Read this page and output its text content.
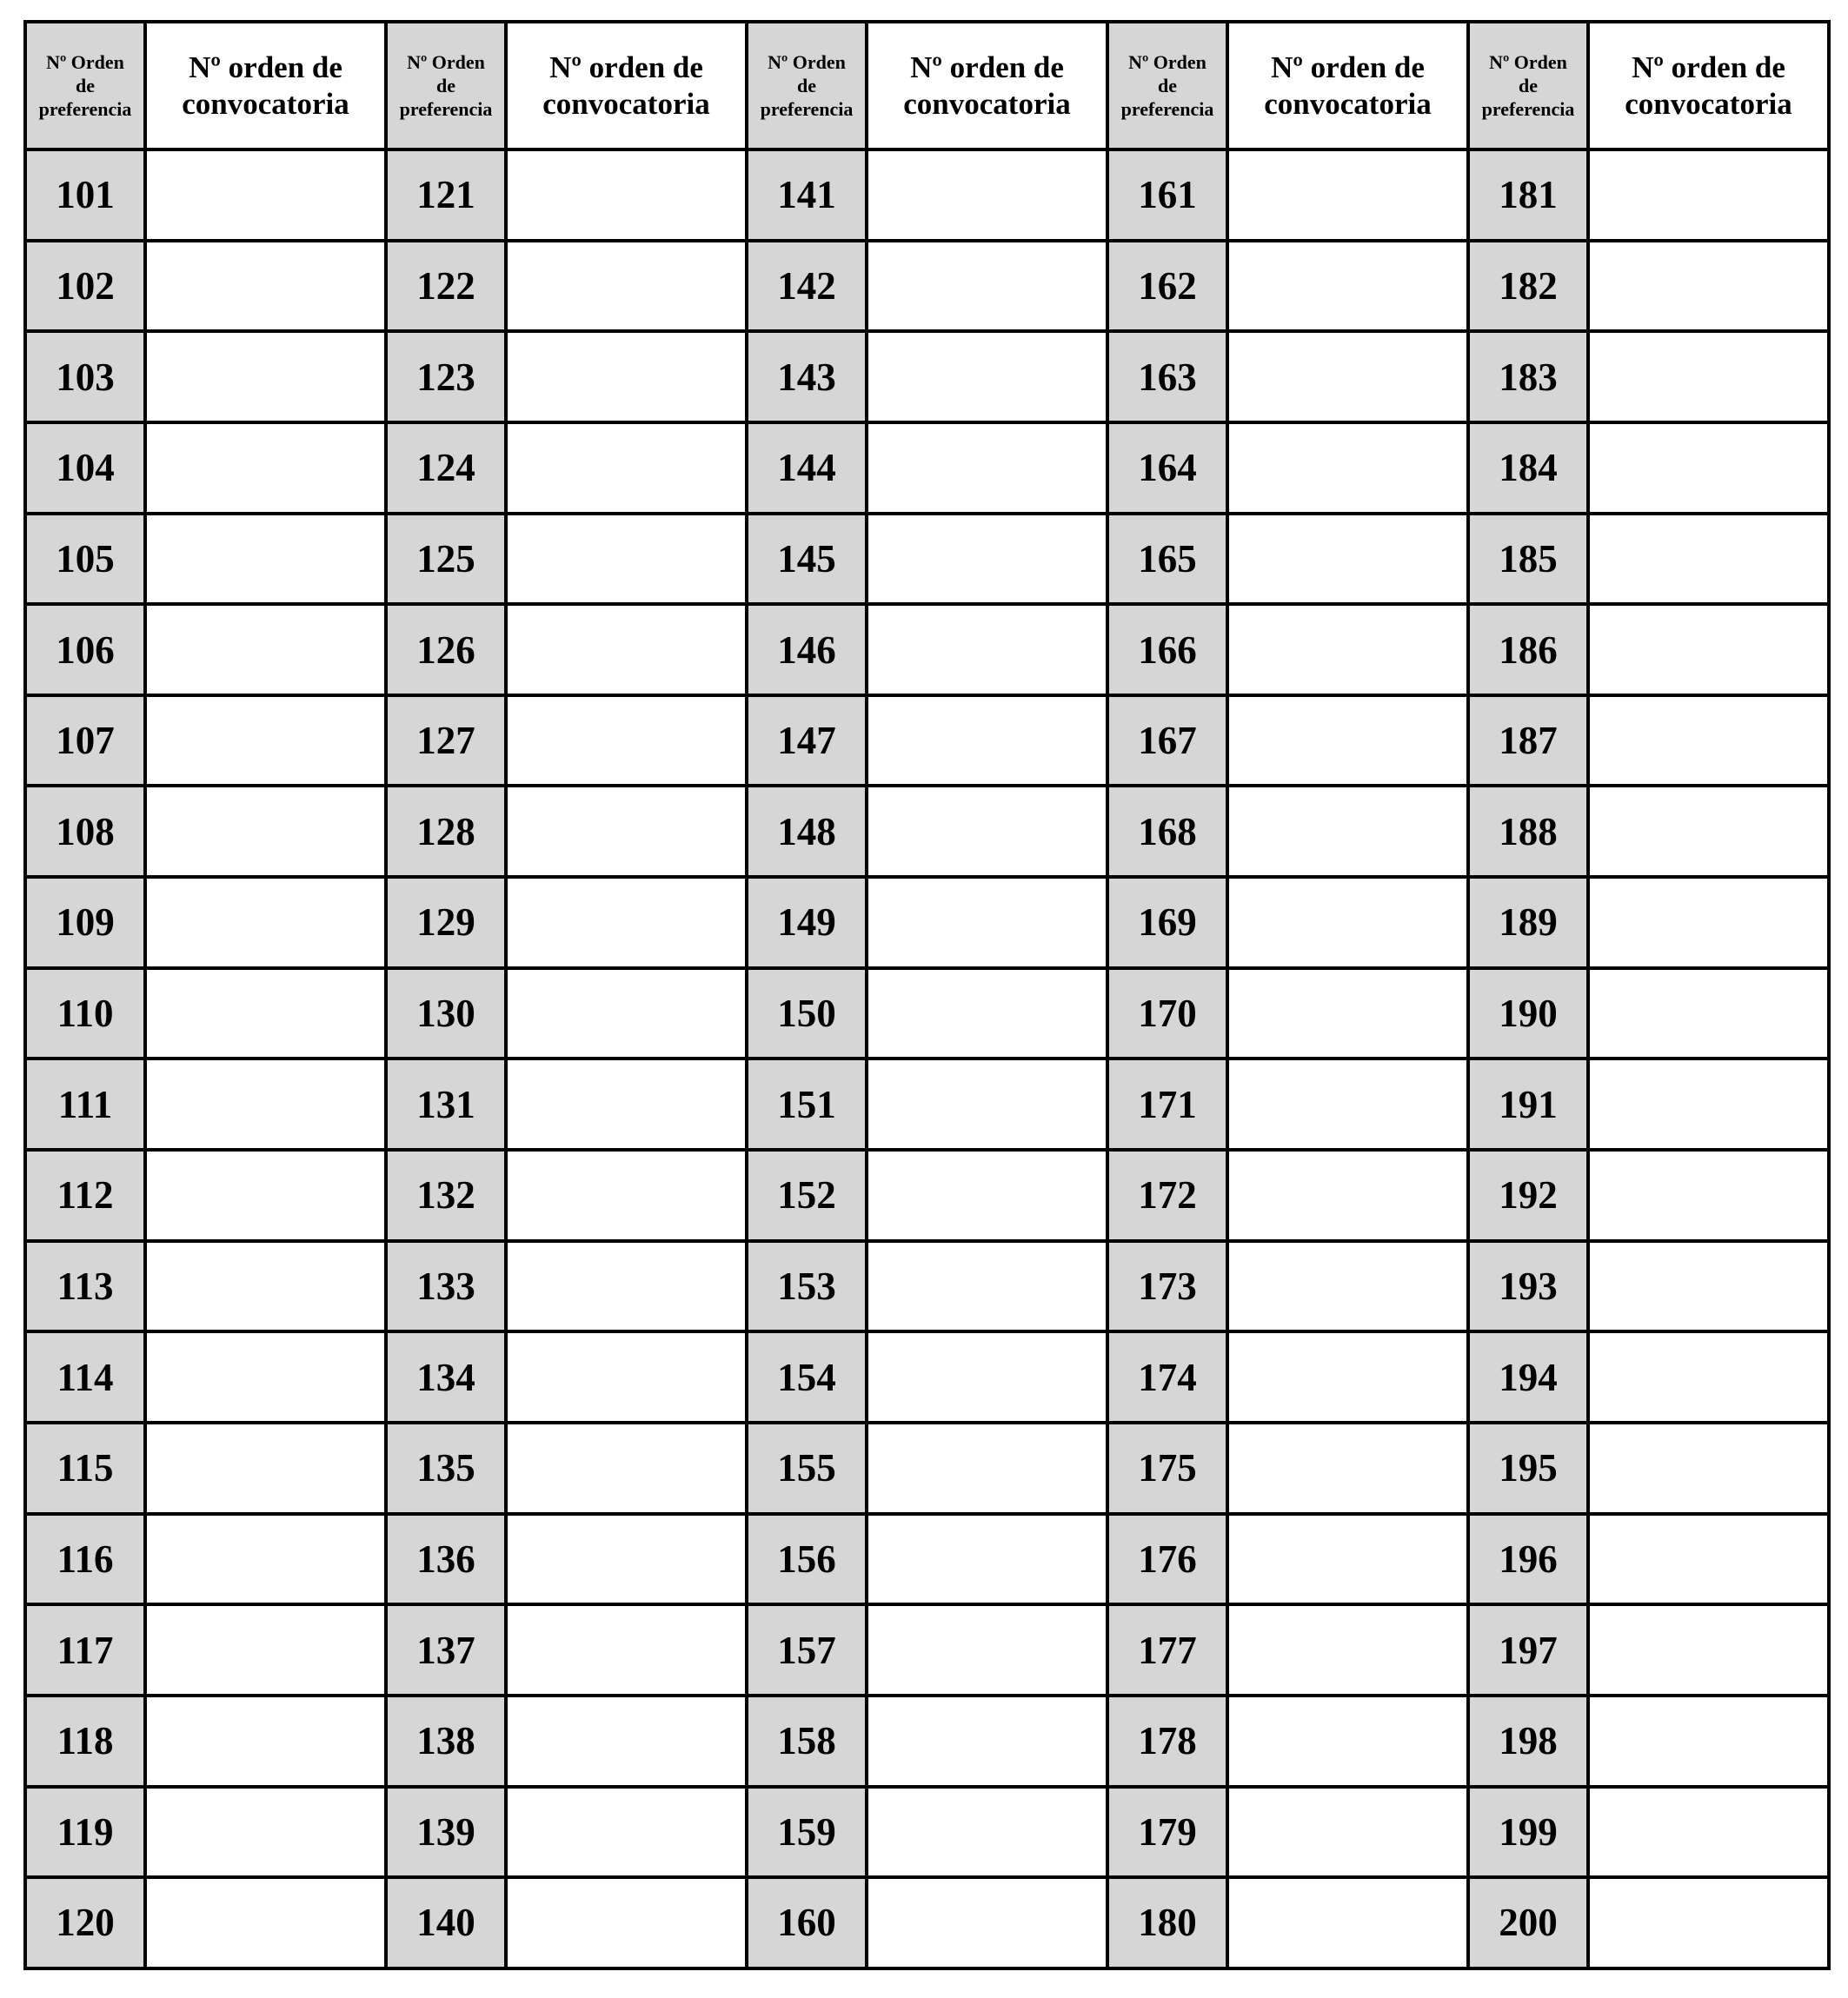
Nº Orden
de
preferencia	Nº orden de
convocatoria	Nº Orden
de
preferencia	Nº orden de
convocatoria	Nº Orden
de
preferencia	Nº orden de
convocatoria	Nº Orden
de
preferencia	Nº orden de
convocatoria	Nº Orden
de
preferencia	Nº orden de
convocatoria

101		121		141		161		181	
102		122		142		162		182	
103		123		143		163		183	
104		124		144		164		184	
105		125		145		165		185	
106		126		146		166		186	
107		127		147		167		187	
108		128		148		168		188	
109		129		149		169		189	
110		130		150		170		190	
111		131		151		171		191	
112		132		152		172		192	
113		133		153		173		193	
114		134		154		174		194	
115		135		155		175		195	
116		136		156		176		196	
117		137		157		177		197	
118		138		158		178		198	
119		139		159		179		199	
120		140		160		180		200	
